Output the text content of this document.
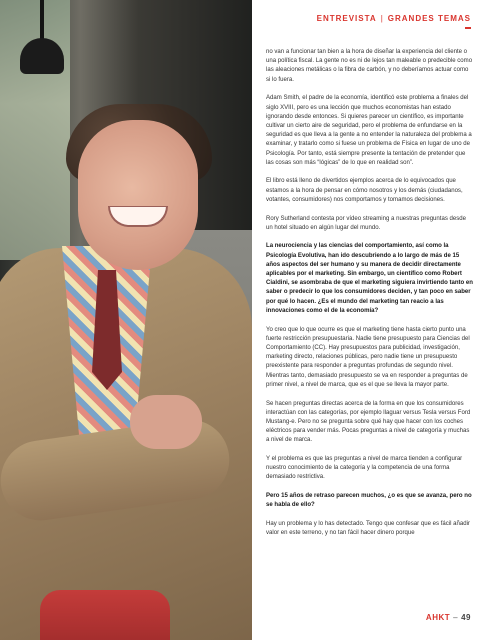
ENTREVISTA | GRANDES TEMAS

no van a funcionar tan bien a la hora de diseñar la experiencia del cliente o una política fiscal. La gente no es ni de lejos tan maleable o predecible como las aleaciones metálicas o la fibra de carbón, y no deberíamos actuar como si lo fuera.

Adam Smith, el padre de la economía, identificó este problema a finales del siglo XVIII, pero es una lección que muchos economistas han estado ignorando desde entonces. Si quieres parecer un científico, es importante cultivar un cierto aire de seguridad, pero el problema de enfundarse en la seguridad es que lleva a la gente a no entender la naturaleza del problema a examinar, y tratarlo como si fuese un problema de Física en lugar de uno de Psicología. Por tanto, está siempre presente la tentación de pretender que las cosas son más “lógicas” de lo que en realidad son”.

El libro está lleno de divertidos ejemplos acerca de lo equivocados que estamos a la hora de pensar en cómo nosotros y los demás (ciudadanos, votantes, consumidores) nos comportamos y tomamos decisiones.

Rory Sutherland contesta por vídeo streaming a nuestras preguntas desde un hotel situado en algún lugar del mundo.

La neurociencia y las ciencias del comportamiento, así como la Psicología Evolutiva, han ido descubriendo a lo largo de más de 15 años aspectos del ser humano y su manera de decidir directamente aplicables por el marketing. Sin embargo, un científico como Robert Cialdini, se asombraba de que el marketing siguiera invirtiendo tanto en saber o predecir lo que los consumidores deciden, y tan poco en saber por qué lo hacen. ¿Es el mundo del marketing tan reacio a las innovaciones como el de la economía?

Yo creo que lo que ocurre es que el marketing tiene hasta cierto punto una fuerte restricción presupuestaria. Nadie tiene presupuesto para Ciencias del Comportamiento (CC). Hay presupuestos para publicidad, investigación, marketing directo, relaciones públicas, pero nadie tiene un presupuesto preexistente para responder a preguntas profundas de segundo nivel. Mientras tanto, demasiado presupuesto se va en responder a preguntas de primer nivel, a nivel de marca, que es el que se lleva la mayor parte.

Se hacen preguntas directas acerca de la forma en que los consumidores interactúan con las categorías, por ejemplo llaguar versus Tesla versus Ford Mustang-e. Pero no se pregunta sobre qué hay que hacer con los coches eléctricos para vender más. Pocas preguntas a nivel de categoría y muchas a nivel de marca.

Y el problema es que las preguntas a nivel de marca tienden a configurar nuestro conocimiento de la categoría y la competencia de una forma demasiado restrictiva.

Pero 15 años de retraso parecen muchos, ¿o es que se avanza, pero no se habla de ello?

Hay un problema y lo has detectado. Tengo que confesar que es fácil añadir valor en este terreno, y no tan fácil hacer dinero porque

AHKT – 49
